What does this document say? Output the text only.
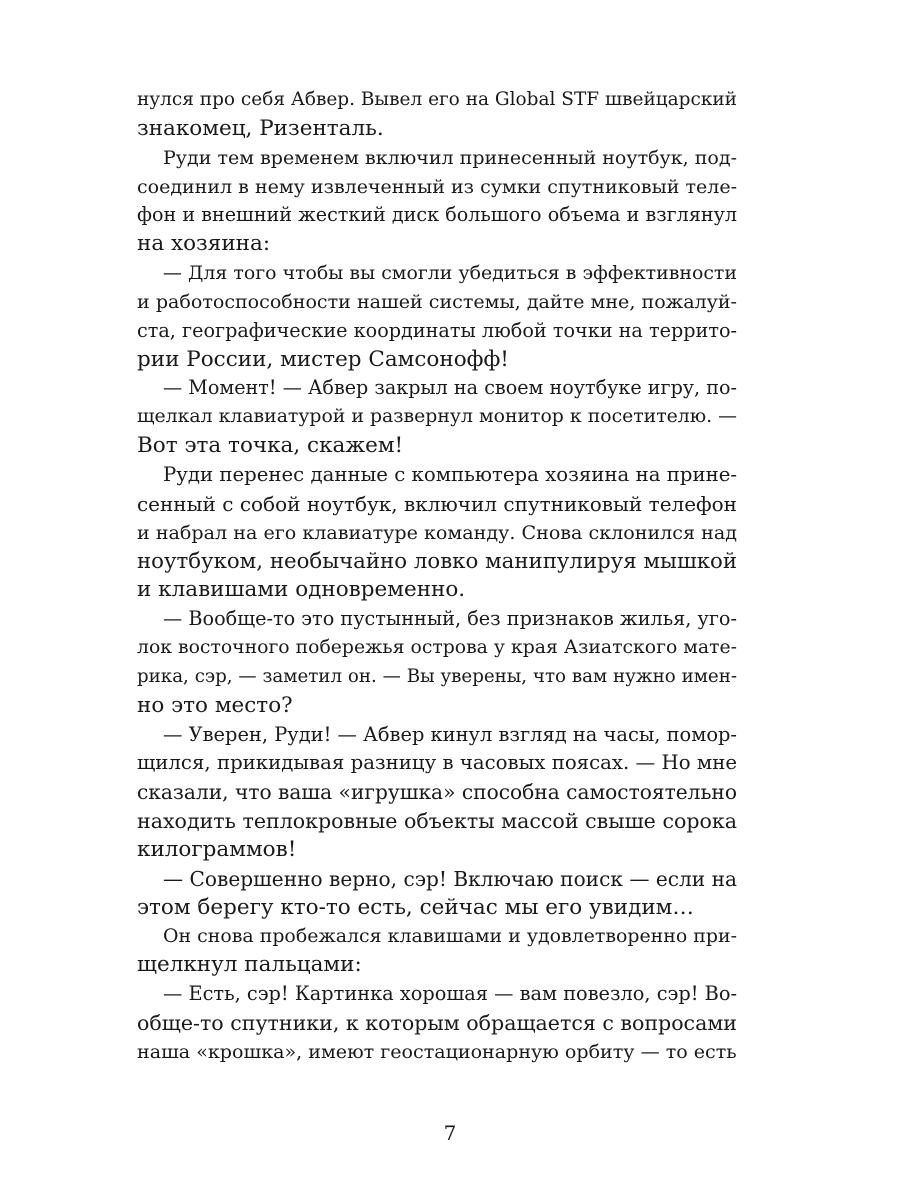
нулся про себя Абвер. Вывел его на Global STF швейцарский
знакомец, Ризенталь.
Руди тем временем включил принесенный ноутбук, под-
соединил в нему извлеченный из сумки спутниковый теле-
фон и внешний жесткий диск большого объема и взглянул
на хозяина:
— Для того чтобы вы смогли убедиться в эффективности
и работоспособности нашей системы, дайте мне, пожалуй-
ста, географические координаты любой точки на террито-
рии России, мистер Самсонофф!
— Момент! — Абвер закрыл на своем ноутбуке игру, по-
щелкал клавиатурой и развернул монитор к посетителю. —
Вот эта точка, скажем!
Руди перенес данные с компьютера хозяина на прине-
сенный с собой ноутбук, включил спутниковый телефон
и набрал на его клавиатуре команду. Снова склонился над
ноутбуком, необычайно ловко манипулируя мышкой
и клавишами одновременно.
— Вообще-то это пустынный, без признаков жилья, уго-
лок восточного побережья острова у края Азиатского мате-
рика, сэр, — заметил он. — Вы уверены, что вам нужно имен-
но это место?
— Уверен, Руди! — Абвер кинул взгляд на часы, помор-
щился, прикидывая разницу в часовых поясах. — Но мне
сказали, что ваша «игрушка» способна самостоятельно
находить теплокровные объекты массой свыше сорока
килограммов!
— Совершенно верно, сэр! Включаю поиск — если на
этом берегу кто-то есть, сейчас мы его увидим…
Он снова пробежался клавишами и удовлетворенно при-
щелкнул пальцами:
— Есть, сэр! Картинка хорошая — вам повезло, сэр! Во-
обще-то спутники, к которым обращается с вопросами
наша «крошка», имеют геостационарную орбиту — то есть
7
